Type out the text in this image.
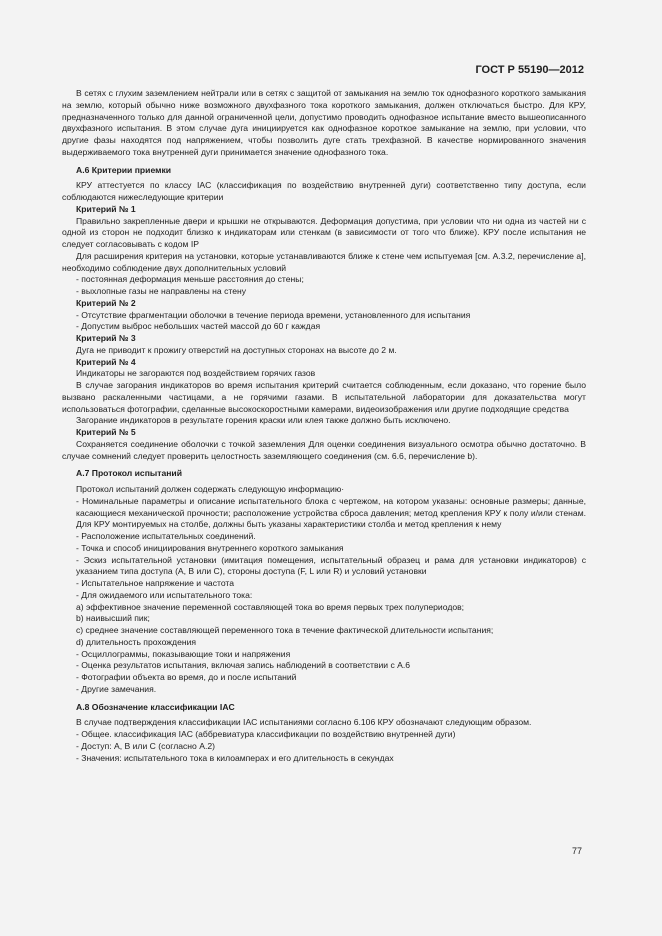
ГОСТ Р 55190—2012

В сетях с глухим заземлением нейтрали или в сетях с защитой от замыкания на землю ток однофазного короткого замыкания на землю, который обычно ниже возможного двухфазного тока короткого замыкания, должен отключаться быстро. Для КРУ, предназначенного только для данной ограниченной цели, допустимо проводить однофазное испытание вместо вышеописанного двухфазного испытания. В этом случае дуга инициируется как однофазное короткое замыкание на землю, при условии, что другие фазы находятся под напряжением, чтобы позволить дуге стать трехфазной. В качестве нормированного значения выдерживаемого тока внутренней дуги принимается значение однофазного тока.

А.6 Критерии приемки

КРУ аттестуется по классу IAC (классификация по воздействию внутренней дуги) соответственно типу доступа, если соблюдаются нижеследующие критерии

Критерий № 1

Правильно закрепленные двери и крышки не открываются. Деформация допустима, при условии что ни одна из частей ни с одной из сторон не подходит близко к индикаторам или стенкам (в зависимости от того что ближе). КРУ после испытания не следует согласовывать с кодом IP

Для расширения критерия на установки, которые устанавливаются ближе к стене чем испытуемая [см. А.3.2, перечисление а], необходимо соблюдение двух дополнительных условий

- постоянная деформация меньше расстояния до стены;

- выхлопные газы не направлены на стену

Критерий № 2

- Отсутствие фрагментации оболочки в течение периода времени, установленного для испытания

- Допустим выброс небольших частей массой до 60 г каждая

Критерий № 3

Дуга не приводит к прожигу отверстий на доступных сторонах на высоте до 2 м.

Критерий № 4

Индикаторы не загораются под воздействием горячих газов

В случае загорания индикаторов во время испытания критерий считается соблюденным, если доказано, что горение было вызвано раскаленными частицами, а не горячими газами. В испытательной лаборатории для доказательства могут использоваться фотографии, сделанные высокоскоростными камерами, видеоизображения или другие подходящие средства

Загорание индикаторов в результате горения краски или клея также должно быть исключено.

Критерий № 5

Сохраняется соединение оболочки с точкой заземления Для оценки соединения визуального осмотра обычно достаточно. В случае сомнений следует проверить целостность заземляющего соединения (см. 6.6, перечисление b).

А.7 Протокол испытаний

Протокол испытаний должен содержать следующую информацию·

- Номинальные параметры и описание испытательного блока с чертежом, на котором указаны: основные размеры; данные, касающиеся механической прочности; расположение устройства сброса давления; метод крепления КРУ к полу и/или стенам. Для КРУ монтируемых на столбе, должны быть указаны характеристики столба и метод крепления к нему

- Расположение испытательных соединений.

- Точка и способ инициирования внутреннего короткого замыкания

- Эскиз испытательной установки (имитация помещения, испытательный образец и рама для установки индикаторов) с указанием типа доступа (А, В или С), стороны доступа (F, L или R) и условий установки

- Испытательное напряжение и частота

- Для ожидаемого или испытательного тока:

a) эффективное значение переменной составляющей тока во время первых трех полупериодов;

b) наивысший пик;

c) среднее значение составляющей переменного тока в течение фактической длительности испытания;

d) длительность прохождения

- Осциллограммы, показывающие токи и напряжения

- Оценка результатов испытания, включая запись наблюдений в соответствии с А.6

- Фотографии объекта во время, до и после испытаний

- Другие замечания.

А.8 Обозначение классификации IAC

В случае подтверждения классификации IAC испытаниями согласно 6.106 КРУ обозначают следующим образом.

- Общее. классификация IAC (аббревиатура классификации по воздействию внутренней дуги)

- Доступ: А, В или С (согласно А.2)

- Значения: испытательного тока в килоамперах и его длительность в секундах

77
